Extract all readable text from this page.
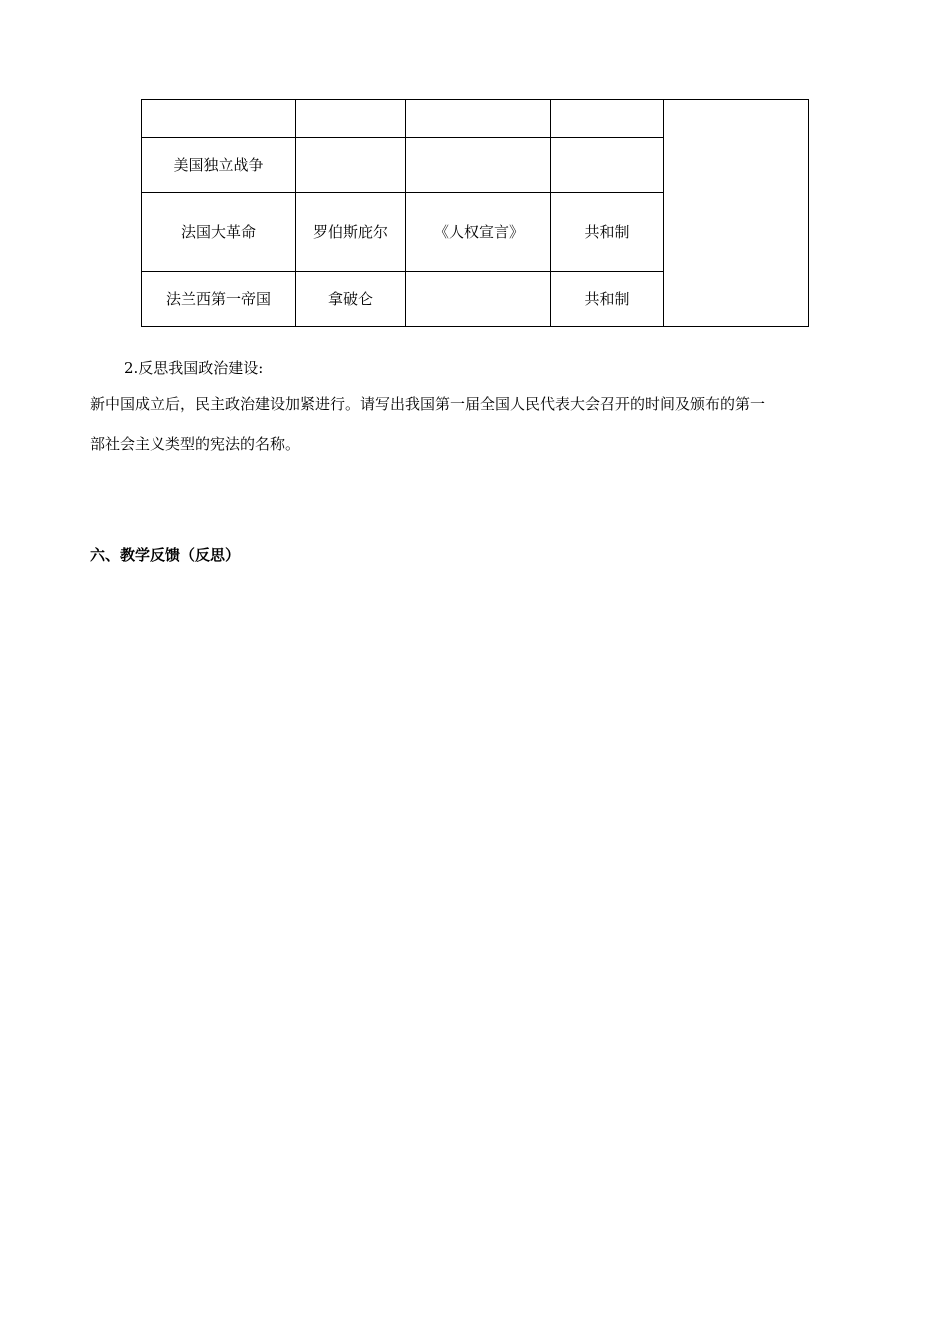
美国独立战争				
法国大革命	罗伯斯庇尔	《人权宣言》	共和制	
法兰西第一帝国	拿破仑		共和制	
2.反思我国政治建设:
新中国成立后，民主政治建设加紧进行。请写出我国第一届全国人民代表大会召开的时间及颁布的第一
部社会主义类型的宪法的名称。
六、教学反馈（反思）
